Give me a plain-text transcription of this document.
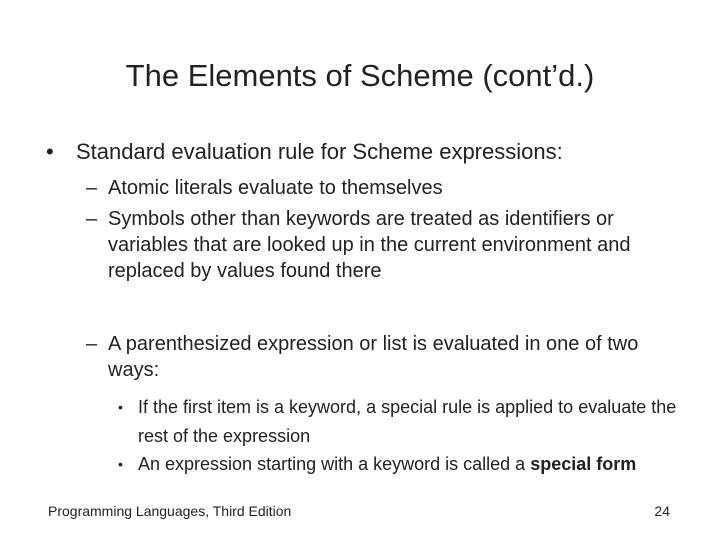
The Elements of Scheme (cont’d.)
• Standard evaluation rule for Scheme expressions:
– Atomic literals evaluate to themselves
– Symbols other than keywords are treated as identifiers or variables that are looked up in the current environment and replaced by values found there
– A parenthesized expression or list is evaluated in one of two ways:
• If the first item is a keyword, a special rule is applied to evaluate the rest of the expression
• An expression starting with a keyword is called a special form
Programming Languages, Third Edition	24
